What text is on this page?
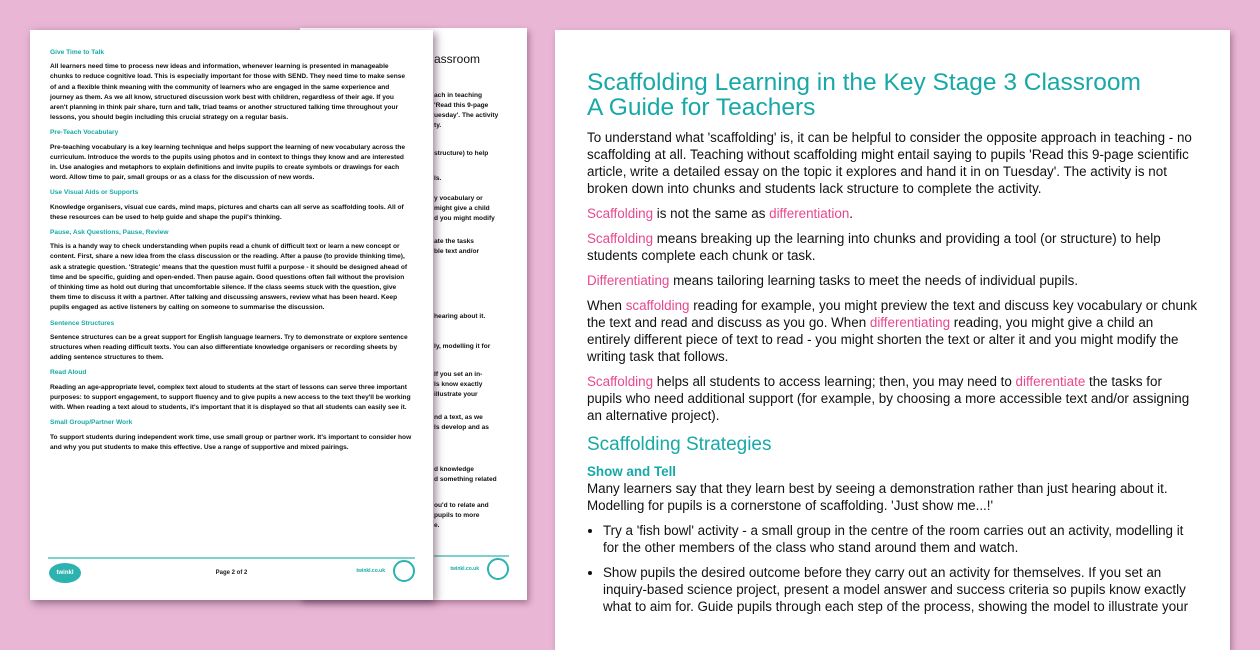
assroom
ach in teaching
'Read this 9-page
uesday'. The activity
ty.
structure) to help
ls.
y vocabulary or
might give a child
d you might modify
ate the tasks
ble text and/or
hearing about it.
ly, modelling it for
If you set an in-
ls know exactly
illustrate your
nd a text, as we
ls develop and as
d knowledge
d something related
ou'd to relate and
pupils to more
e.
twinkl.co.uk
Give Time to Talk

All learners need time to process new ideas and information, whenever learning is presented in manageable chunks to reduce cognitive load. This is especially important for those with SEND. They need time to make sense of and a flexible think meaning with the community of learners who are engaged in the same experience and journey as them. As we all know, structured discussion work best with children, regardless of their age. If you aren't planning in think pair share, turn and talk, triad teams or another structured talking time throughout your lessons, you should begin including this crucial strategy on a regular basis.

Pre-Teach Vocabulary

Pre-teaching vocabulary is a key learning technique and helps support the learning of new vocabulary across the curriculum. Introduce the words to the pupils using photos and in context to things they know and are interested in. Use analogies and metaphors to explain definitions and invite pupils to create symbols or drawings for each word. Allow time to pair, small groups or as a class for the discussion of new words.

Use Visual Aids or Supports

Knowledge organisers, visual cue cards, mind maps, pictures and charts can all serve as scaffolding tools. All of these resources can be used to help guide and shape the pupil's thinking.

Pause, Ask Questions, Pause, Review

This is a handy way to check understanding when pupils read a chunk of difficult text or learn a new concept or content. First, share a new idea from the class discussion or the reading. After a pause (to provide thinking time), ask a strategic question. 'Strategic' means that the question must fulfil a purpose - it should be designed ahead of time and be specific, guiding and open-ended. Then pause again. Good questions often fail without the provision of thinking time as hold out during that uncomfortable silence. If the class seems stuck with the question, give them time to discuss it with a partner. After talking and discussing answers, review what has been heard. Keep pupils engaged as active listeners by calling on someone to summarise the discussion.

Sentence Structures

Sentence structures can be a great support for English language learners. Try to demonstrate or explore sentence structures when reading difficult texts. You can also differentiate knowledge organisers or recording sheets by adding sentence structures to them.

Read Aloud

Reading an age-appropriate level, complex text aloud to students at the start of lessons can serve three important purposes: to support engagement, to support fluency and to give pupils a new access to the text they'll be working with. When reading a text aloud to students, it's important that it is displayed so that all students can easily see it.

Small Group/Partner Work

To support students during independent work time, use small group or partner work. It's important to consider how and why you put students to make this effective. Use a range of supportive and mixed pairings.

twinkl	Page 2 of 2	twinkl.co.uk
Scaffolding Learning in the Key Stage 3 Classroom
A Guide for Teachers

To understand what 'scaffolding' is, it can be helpful to consider the opposite approach in teaching - no scaffolding at all. Teaching without scaffolding might entail saying to pupils 'Read this 9-page scientific article, write a detailed essay on the topic it explores and hand it in on Tuesday'. The activity is not broken down into chunks and students lack structure to complete the activity.

Scaffolding is not the same as differentiation.

Scaffolding means breaking up the learning into chunks and providing a tool (or structure) to help students complete each chunk or task.

Differentiating means tailoring learning tasks to meet the needs of individual pupils.

When scaffolding reading for example, you might preview the text and discuss key vocabulary or chunk the text and read and discuss as you go. When differentiating reading, you might give a child an entirely different piece of text to read - you might shorten the text or alter it and you might modify the writing task that follows.

Scaffolding helps all students to access learning; then, you may need to differentiate the tasks for pupils who need additional support (for example, by choosing a more accessible text and/or assigning an alternative project).

Scaffolding Strategies
Show and Tell

Many learners say that they learn best by seeing a demonstration rather than just hearing about it. Modelling for pupils is a cornerstone of scaffolding. 'Just show me...!'

• Try a 'fish bowl' activity - a small group in the centre of the room carries out an activity, modelling it for the other members of the class who stand around them and watch.
• Show pupils the desired outcome before they carry out an activity for themselves. If you set an inquiry-based science project, present a model answer and success criteria so pupils know exactly what to aim for. Guide pupils through each step of the process, showing the model to illustrate your
